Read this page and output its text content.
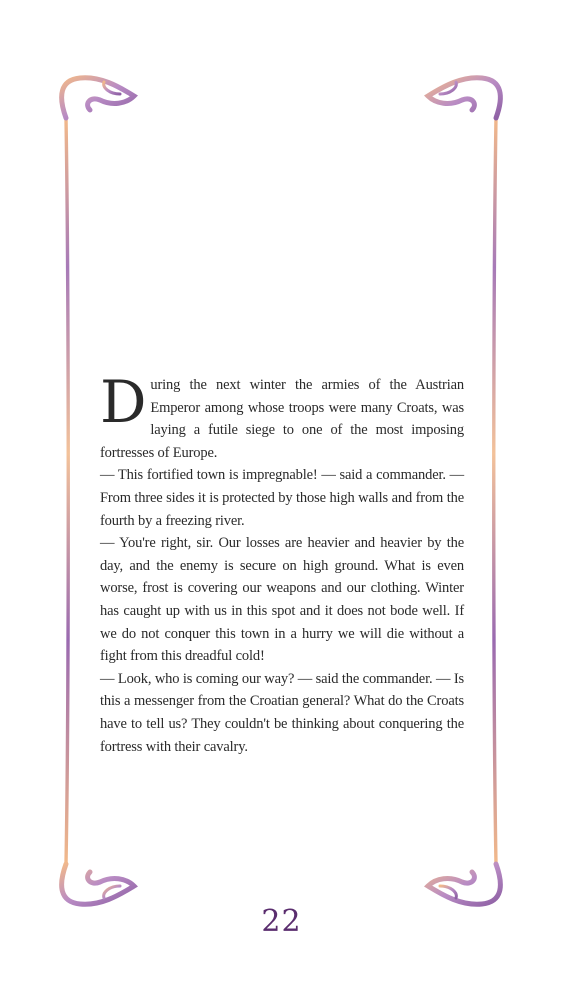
During the next winter the armies of the Austrian Emperor among whose troops were many Croats, was laying a futile siege to one of the most imposing fortresses of Europe.

— This fortified town is impregnable! — said a commander. — From three sides it is protected by those high walls and from the fourth by a freezing river.

— You're right, sir. Our losses are heavier and heavier by the day, and the enemy is secure on high ground. What is even worse, frost is covering our weapons and our clothing. Winter has caught up with us in this spot and it does not bode well. If we do not conquer this town in a hurry we will die without a fight from this dreadful cold!

— Look, who is coming our way? — said the commander. — Is this a messenger from the Croatian general? What do the Croats have to tell us? They couldn't be thinking about conquering the fortress with their cavalry.

22
